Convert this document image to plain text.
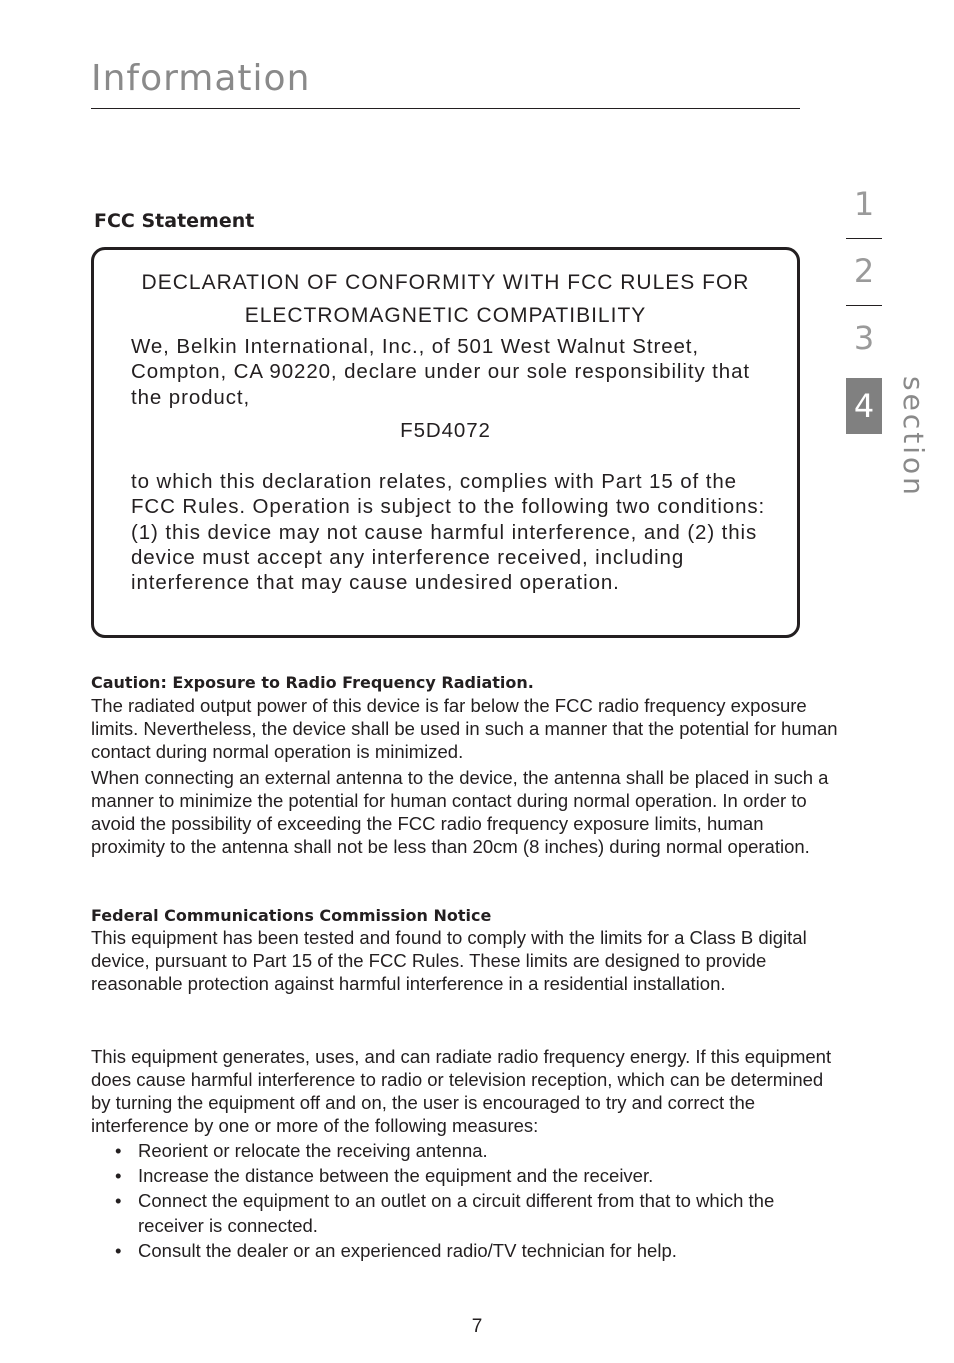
Information
1
2
3
4 section
FCC Statement

DECLARATION OF CONFORMITY WITH FCC RULES FOR

ELECTROMAGNETIC COMPATIBILITY

We, Belkin International, Inc., of 501 West Walnut Street, Compton, CA 90220, declare under our sole responsibility that the product,

F5D4072

to which this declaration relates, complies with Part 15 of the FCC Rules. Operation is subject to the following two conditions: (1) this device may not cause harmful interference, and (2) this device must accept any interference received, including interference that may cause undesired operation.

Caution: Exposure to Radio Frequency Radiation.

The radiated output power of this device is far below the FCC radio frequency exposure limits. Nevertheless, the device shall be used in such a manner that the potential for human contact during normal operation is minimized.

When connecting an external antenna to the device, the antenna shall be placed in such a manner to minimize the potential for human contact during normal operation. In order to avoid the possibility of exceeding the FCC radio frequency exposure limits, human proximity to the antenna shall not be less than 20cm (8 inches) during normal operation.

Federal Communications Commission Notice

This equipment has been tested and found to comply with the limits for a Class B digital device, pursuant to Part 15 of the FCC Rules. These limits are designed to provide reasonable protection against harmful interference in a residential installation.

This equipment generates, uses, and can radiate radio frequency energy. If this equipment does cause harmful interference to radio or television reception, which can be determined by turning the equipment off and on, the user is encouraged to try and correct the interference by one or more of the following measures:

• Reorient or relocate the receiving antenna.
• Increase the distance between the equipment and the receiver.
• Connect the equipment to an outlet on a circuit different from that to which the receiver is connected.
• Consult the dealer or an experienced radio/TV technician for help.

7
